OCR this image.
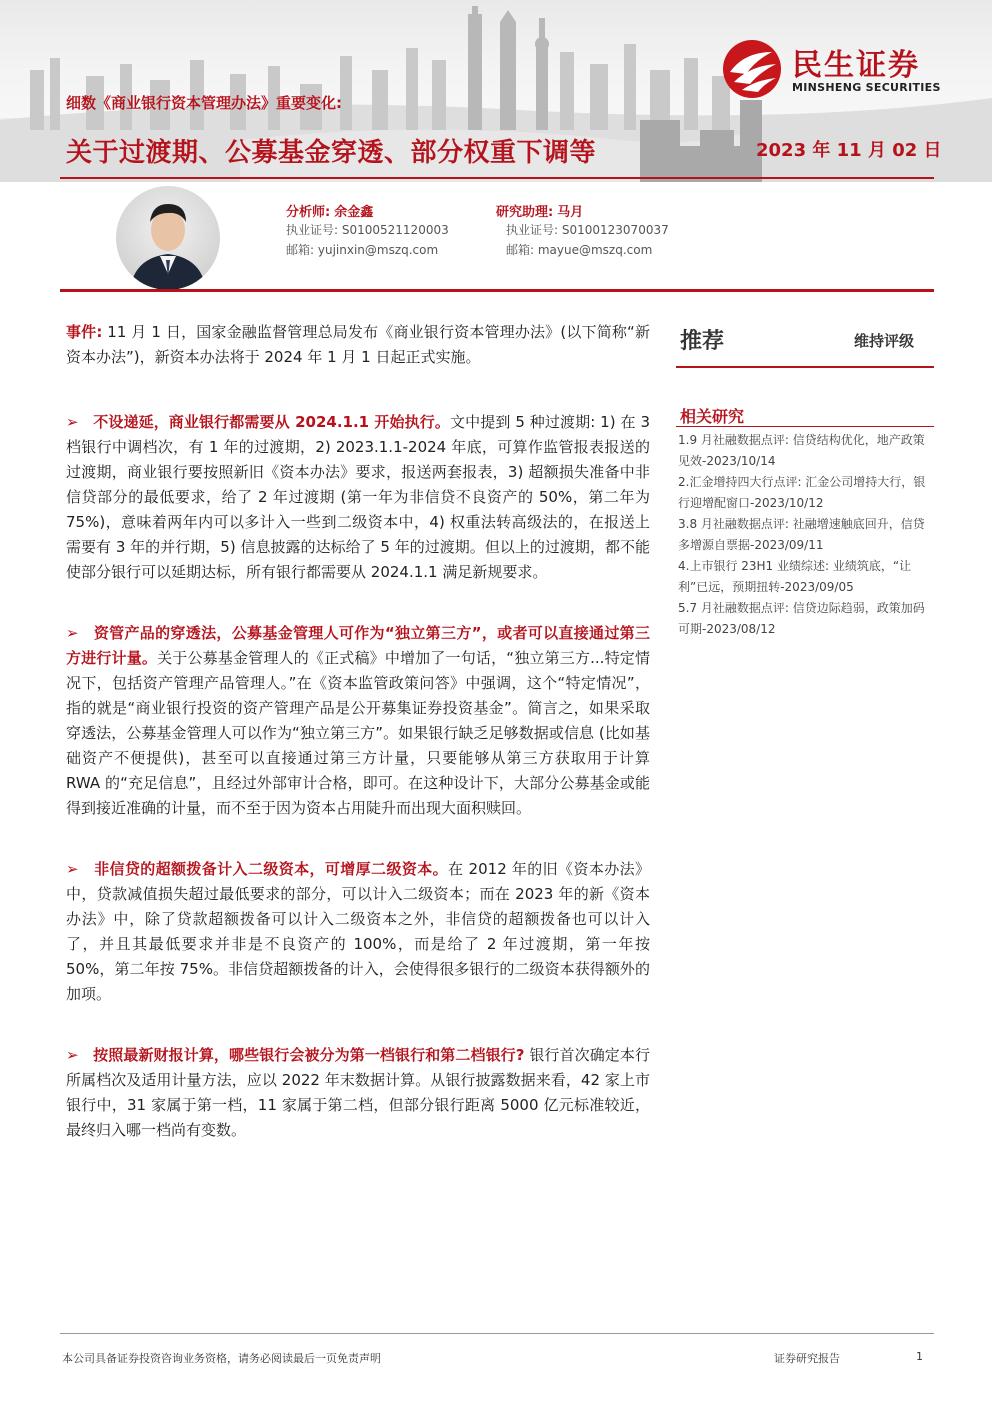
细数《商业银行资本管理办法》重要变化:
关于过渡期、公募基金穿透、部分权重下调等	2023 年 11 月 02 日
民生证券
MINSHENG SECURITIES
分析师: 余金鑫
执业证号: S0100521120003
邮箱: yujinxin@mszq.com
研究助理: 马月
执业证号: S0100123070037
邮箱: mayue@mszq.com

事件: 11 月 1 日，国家金融监督管理总局发布《商业银行资本管理办法》(以下简称“新资本办法”)，新资本办法将于 2024 年 1 月 1 日起正式实施。

➢ 不设递延，商业银行都需要从 2024.1.1 开始执行。文中提到 5 种过渡期: 1) 在 3 档银行中调档次，有 1 年的过渡期，2) 2023.1.1-2024 年底，可算作监管报表报送的过渡期，商业银行要按照新旧《资本办法》要求，报送两套报表，3) 超额损失准备中非信贷部分的最低要求，给了 2 年过渡期 (第一年为非信贷不良资产的 50%，第二年为 75%)，意味着两年内可以多计入一些到二级资本中，4) 权重法转高级法的，在报送上需要有 3 年的并行期，5) 信息披露的达标给了 5 年的过渡期。但以上的过渡期，都不能使部分银行可以延期达标，所有银行都需要从 2024.1.1 满足新规要求。

➢ 资管产品的穿透法，公募基金管理人可作为“独立第三方”，或者可以直接通过第三方进行计量。关于公募基金管理人的《正式稿》中增加了一句话，“独立第三方...特定情况下，包括资产管理产品管理人。”在《资本监管政策问答》中强调，这个“特定情况”，指的就是“商业银行投资的资产管理产品是公开募集证券投资基金”。简言之，如果采取穿透法，公募基金管理人可以作为“独立第三方”。如果银行缺乏足够数据或信息 (比如基础资产不便提供)，甚至可以直接通过第三方计量，只要能够从第三方获取用于计算 RWA 的“充足信息”，且经过外部审计合格，即可。在这种设计下，大部分公募基金或能得到接近准确的计量，而不至于因为资本占用陡升而出现大面积赎回。

➢ 非信贷的超额拨备计入二级资本，可增厚二级资本。在 2012 年的旧《资本办法》中，贷款减值损失超过最低要求的部分，可以计入二级资本；而在 2023 年的新《资本办法》中，除了贷款超额拨备可以计入二级资本之外，非信贷的超额拨备也可以计入了，并且其最低要求并非是不良资产的 100%，而是给了 2 年过渡期，第一年按 50%，第二年按 75%。非信贷超额拨备的计入，会使得很多银行的二级资本获得额外的加项。

➢ 按照最新财报计算，哪些银行会被分为第一档银行和第二档银行? 银行首次确定本行所属档次及适用计量方法，应以 2022 年末数据计算。从银行披露数据来看，42 家上市银行中，31 家属于第一档，11 家属于第二档，但部分银行距离 5000 亿元标准较近，最终归入哪一档尚有变数。

推荐	维持评级
相关研究

1.9 月社融数据点评: 信贷结构优化，地产政策见效-2023/10/14

2.汇金增持四大行点评: 汇金公司增持大行，银行迎增配窗口-2023/10/12

3.8 月社融数据点评: 社融增速触底回升，信贷多增源自票据-2023/09/11

4.上市银行 23H1 业绩综述: 业绩筑底，“让利”已远，预期扭转-2023/09/05

5.7 月社融数据点评: 信贷边际趋弱，政策加码可期-2023/08/12

本公司具备证券投资咨询业务资格，请务必阅读最后一页免责声明	证券研究报告	1
